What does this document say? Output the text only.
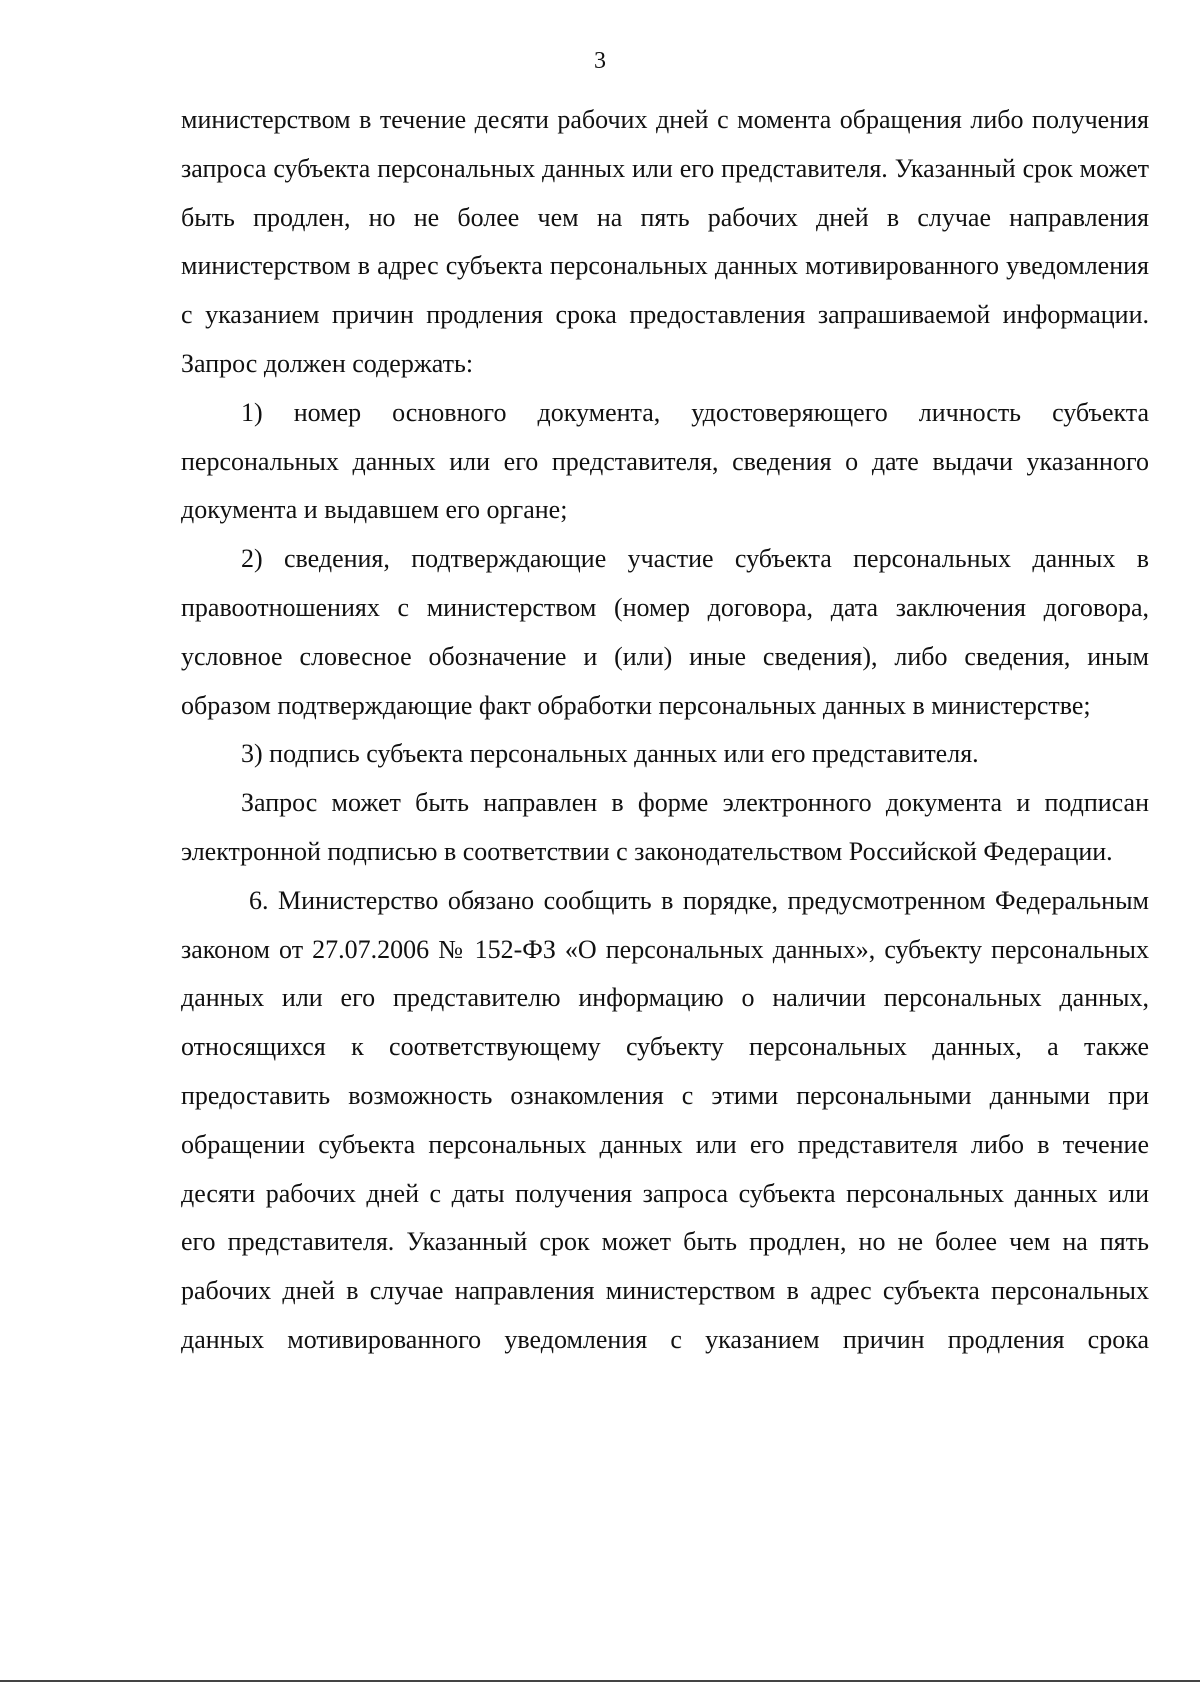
3

министерством в течение десяти рабочих дней с момента обращения либо получения запроса субъекта персональных данных или его представителя. Указанный срок может быть продлен, но не более чем на пять рабочих дней в случае направления министерством в адрес субъекта персональных данных мотивированного уведомления с указанием причин продления срока предоставления запрашиваемой информации. Запрос должен содержать:

1) номер основного документа, удостоверяющего личность субъекта персональных данных или его представителя, сведения о дате выдачи указанного документа и выдавшем его органе;

2) сведения, подтверждающие участие субъекта персональных данных в правоотношениях с министерством (номер договора, дата заключения договора, условное словесное обозначение и (или) иные сведения), либо сведения, иным образом подтверждающие факт обработки персональных данных в министерстве;

3) подпись субъекта персональных данных или его представителя.

Запрос может быть направлен в форме электронного документа и подписан электронной подписью в соответствии с законодательством Российской Федерации.

6. Министерство обязано сообщить в порядке, предусмотренном Федеральным законом от 27.07.2006 № 152-ФЗ «О персональных данных», субъекту персональных данных или его представителю информацию о наличии персональных данных, относящихся к соответствующему субъекту персональных данных, а также предоставить возможность ознакомления с этими персональными данными при обращении субъекта персональных данных или его представителя либо в течение десяти рабочих дней с даты получения запроса субъекта персональных данных или его представителя. Указанный срок может быть продлен, но не более чем на пять рабочих дней в случае направления министерством в адрес субъекта персональных данных мотивированного уведомления с указанием причин продления срока
